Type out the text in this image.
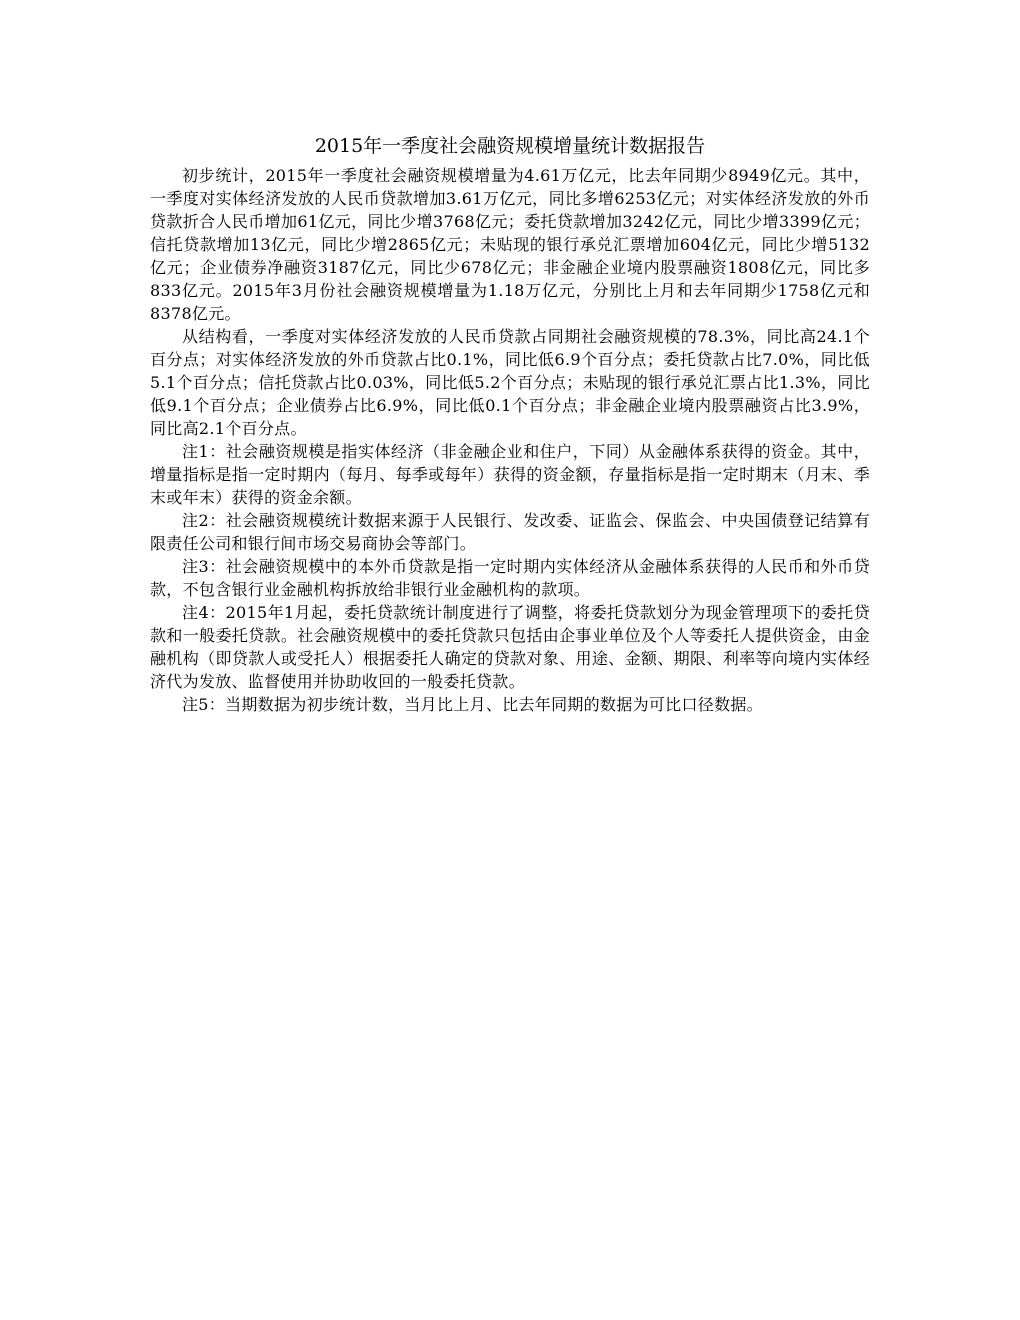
2015年一季度社会融资规模增量统计数据报告

初步统计，2015年一季度社会融资规模增量为4.61万亿元，比去年同期少8949亿元。其中，一季度对实体经济发放的人民币贷款增加3.61万亿元，同比多增6253亿元；对实体经济发放的外币贷款折合人民币增加61亿元，同比少增3768亿元；委托贷款增加3242亿元，同比少增3399亿元；信托贷款增加13亿元，同比少增2865亿元；未贴现的银行承兑汇票增加604亿元，同比少增5132亿元；企业债券净融资3187亿元，同比少678亿元；非金融企业境内股票融资1808亿元，同比多833亿元。2015年3月份社会融资规模增量为1.18万亿元，分别比上月和去年同期少1758亿元和8378亿元。

从结构看，一季度对实体经济发放的人民币贷款占同期社会融资规模的78.3%，同比高24.1个百分点；对实体经济发放的外币贷款占比0.1%，同比低6.9个百分点；委托贷款占比7.0%，同比低5.1个百分点；信托贷款占比0.03%，同比低5.2个百分点；未贴现的银行承兑汇票占比1.3%，同比低9.1个百分点；企业债券占比6.9%，同比低0.1个百分点；非金融企业境内股票融资占比3.9%，同比高2.1个百分点。

注1：社会融资规模是指实体经济（非金融企业和住户，下同）从金融体系获得的资金。其中，增量指标是指一定时期内（每月、每季或每年）获得的资金额，存量指标是指一定时期末（月末、季末或年末）获得的资金余额。

注2：社会融资规模统计数据来源于人民银行、发改委、证监会、保监会、中央国债登记结算有限责任公司和银行间市场交易商协会等部门。

注3：社会融资规模中的本外币贷款是指一定时期内实体经济从金融体系获得的人民币和外币贷款，不包含银行业金融机构拆放给非银行业金融机构的款项。

注4：2015年1月起，委托贷款统计制度进行了调整，将委托贷款划分为现金管理项下的委托贷款和一般委托贷款。社会融资规模中的委托贷款只包括由企事业单位及个人等委托人提供资金，由金融机构（即贷款人或受托人）根据委托人确定的贷款对象、用途、金额、期限、利率等向境内实体经济代为发放、监督使用并协助收回的一般委托贷款。

注5：当期数据为初步统计数，当月比上月、比去年同期的数据为可比口径数据。
